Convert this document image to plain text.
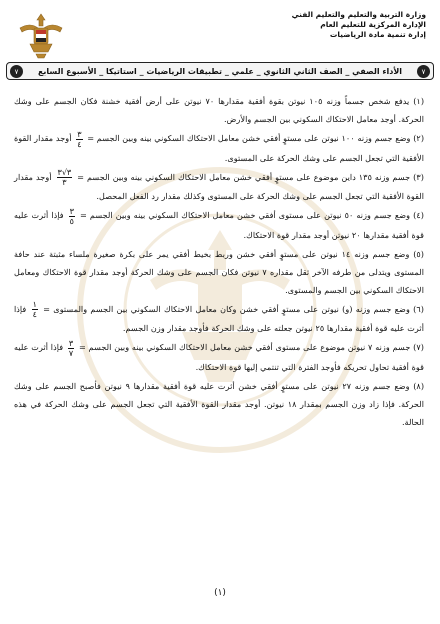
وزارة التربية والتعليم والتعليم الفني
الإدارة المركزية للتعليم العام
إدارة تنمية مادة الرياضيات
٧
الأداء الصفي _ الصف الثاني الثانوي _ علمي _ تطبيقات الرياضيات _ استاتيكا _ الأسبوع السابع
٧

(١) يدفع شخص جسماً وزنه ١٠٥ نيوتن بقوة أفقية مقدارها ٧٠ نيوتن على أرض أفقية خشنة فكان الجسم على وشك الحركة. أوجد معامل الاحتكاك السكوني بين الجسم والأرض.

(٢) وضع جسم وزنه ١٠٠ نيوتن على مستوٍ أفقي خشن معامل الاحتكاك السكوني بينه وبين الجسم =
$\frac{٣}{٤}$
أوجد مقدار القوة الأفقية التي تجعل الجسم على وشك الحركة على المستوى.

(٣) جسم وزنه ١٣٥ داين موضوع على مستوٍ أفقي خشن معامل الاحتكاك السكوني بينه وبين الجسم =
$\frac{٣√٣}{٣}$
أوجد مقدار القوة الأفقية التي تجعل الجسم على وشك الحركة على المستوى وكذلك مقدار رد الفعل المحصل.

(٤) وضع جسم وزنه ٥٠ نيوتن على مستوى أفقي خشن معامل الاحتكاك السكوني بينه وبين الجسم =
$\frac{٣}{٥}$
فإذا أثرت عليه قوة أفقية مقدارها ٢٠ نيوتن أوجد مقدار قوة الاحتكاك.

(٥) وضع جسم وزنه ١٤ نيوتن على مستوٍ أفقي خشن وربط بخيط أفقي يمر على بكرة صغيرة ملساء مثبتة عند حافة المستوى ويتدلى من طرفه الآخر ثقل مقداره ٧ نيوتن فكان الجسم على وشك الحركة أوجد مقدار قوة الاحتكاك ومعامل الاحتكاك السكوني بين الجسم والمستوى.

(٦) وضع جسم وزنه (و) نيوتن على مستوٍ أفقي خشن وكان معامل الاحتكاك السكوني بين الجسم والمستوى =
$\frac{١}{٤}$
فإذا أثرت عليه قوة أفقية مقدارها ٢٥ نيوتن جعلته على وشك الحركة فأوجد مقدار وزن الجسم.

(٧) جسم وزنه ٧ نيوتن موضوع على مستوى أفقي خشن معامل الاحتكاك السكوني بينه وبين الجسم =
$\frac{٣}{٧}$
فإذا أثرت عليه قوة أفقية تحاول تحريكه فأوجد الفترة التي تنتمي إليها قوة الاحتكاك.

(٨) وضع جسم وزنه ٢٧ نيوتن على مستوٍ أفقي خشن أثرت عليه قوة أفقية مقدارها ٩ نيوتن فأصبح الجسم على وشك الحركة. فإذا زاد وزن الجسم بمقدار ١٨ نيوتن. أوجد مقدار القوة الأفقية التي تجعل الجسم على وشك الحركة في هذه الحالة.

(١)
